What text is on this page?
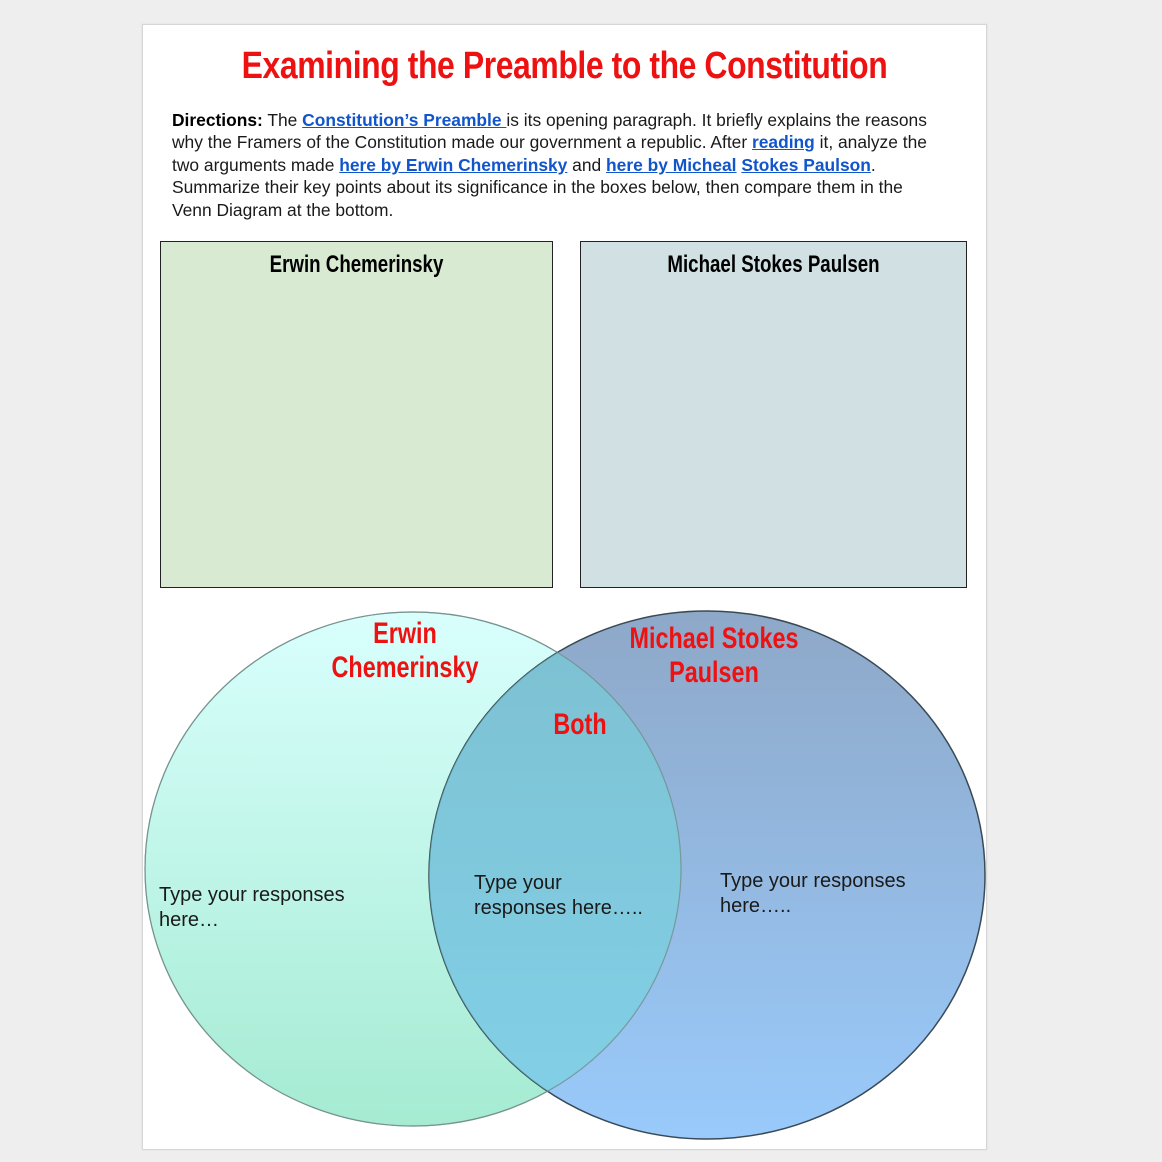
Examining the Preamble to the Constitution
Directions: The Constitution’s Preamble is its opening paragraph. It briefly explains the reasons why the Framers of the Constitution made our government a republic. After reading it, analyze the two arguments made here by Erwin Chemerinsky and here by Micheal Stokes Paulson. Summarize their key points about its significance in the boxes below, then compare them in the Venn Diagram at the bottom.
Erwin Chemerinsky	Michael Stokes Paulsen
Erwin
Chemerinsky
Michael Stokes
Paulsen
Both
Type your responses
here…
Type your
responses here…..
Type your responses
here…..
